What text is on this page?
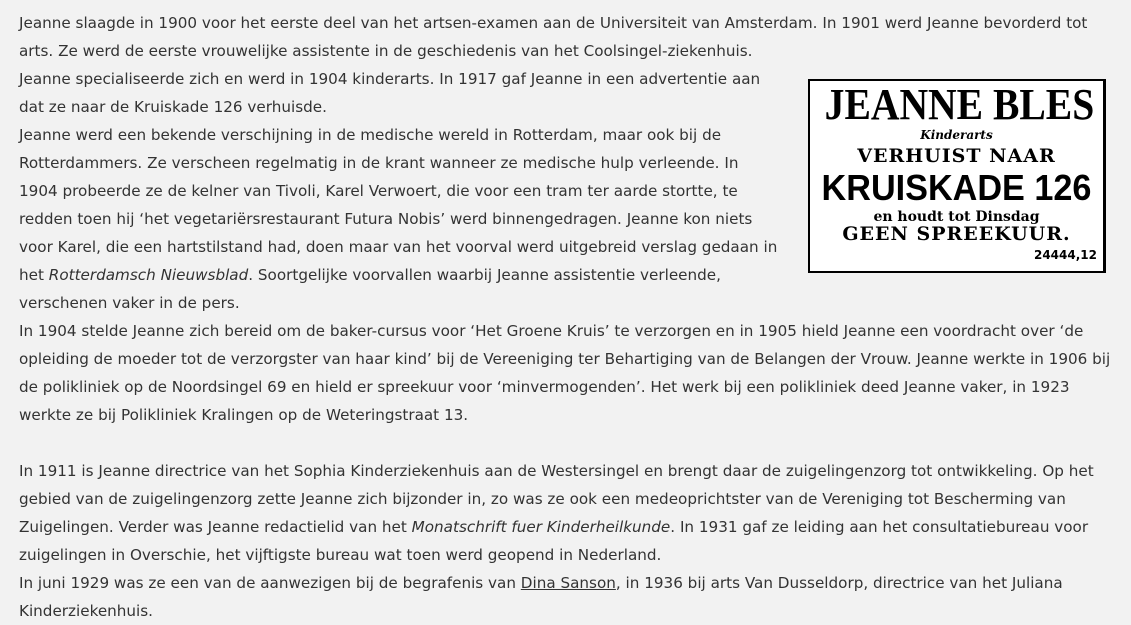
Jeanne slaagde in 1900 voor het eerste deel van het artsen-examen aan de Universiteit van Amsterdam. In 1901 werd Jeanne bevorderd tot arts. Ze werd de eerste vrouwelijke assistente in de geschiedenis van het Coolsingel-ziekenhuis.

JEANNE BLES
Kinderarts
VERHUIST NAAR
KRUISKADE 126
en houdt tot Dinsdag
GEEN SPREEKUUR.
24444,12

Jeanne specialiseerde zich en werd in 1904 kinderarts. In 1917 gaf Jeanne in een advertentie aan dat ze naar de Kruiskade 126 verhuisde.

Jeanne werd een bekende verschijning in de medische wereld in Rotterdam, maar ook bij de Rotterdammers. Ze verscheen regelmatig in de krant wanneer ze medische hulp verleende. In 1904 probeerde ze de kelner van Tivoli, Karel Verwoert, die voor een tram ter aarde stortte, te redden toen hij ‘het vegetariërsrestaurant Futura Nobis’ werd binnengedragen. Jeanne kon niets voor Karel, die een hartstilstand had, doen maar van het voorval werd uitgebreid verslag gedaan in het Rotterdamsch Nieuwsblad. Soortgelijke voorvallen waarbij Jeanne assistentie verleende, verschenen vaker in de pers.

In 1904 stelde Jeanne zich bereid om de baker-cursus voor ‘Het Groene Kruis’ te verzorgen en in 1905 hield Jeanne een voordracht over ‘de opleiding de moeder tot de verzorgster van haar kind’ bij de Vereeniging ter Behartiging van de Belangen der Vrouw. Jeanne werkte in 1906 bij de polikliniek op de Noordsingel 69 en hield er spreekuur voor ‘minvermogenden’. Het werk bij een polikliniek deed Jeanne vaker, in 1923 werkte ze bij Polikliniek Kralingen op de Weteringstraat 13.

In 1911 is Jeanne directrice van het Sophia Kinderziekenhuis aan de Westersingel en brengt daar de zuigelingenzorg tot ontwikkeling. Op het gebied van de zuigelingenzorg zette Jeanne zich bijzonder in, zo was ze ook een medeoprichtster van de Vereniging tot Bescherming van Zuigelingen. Verder was Jeanne redactielid van het Monatschrift fuer Kinderheilkunde. In 1931 gaf ze leiding aan het consultatiebureau voor zuigelingen in Overschie, het vijftigste bureau wat toen werd geopend in Nederland.

In juni 1929 was ze een van de aanwezigen bij de begrafenis van Dina Sanson, in 1936 bij arts Van Dusseldorp, directrice van het Juliana Kinderziekenhuis.
